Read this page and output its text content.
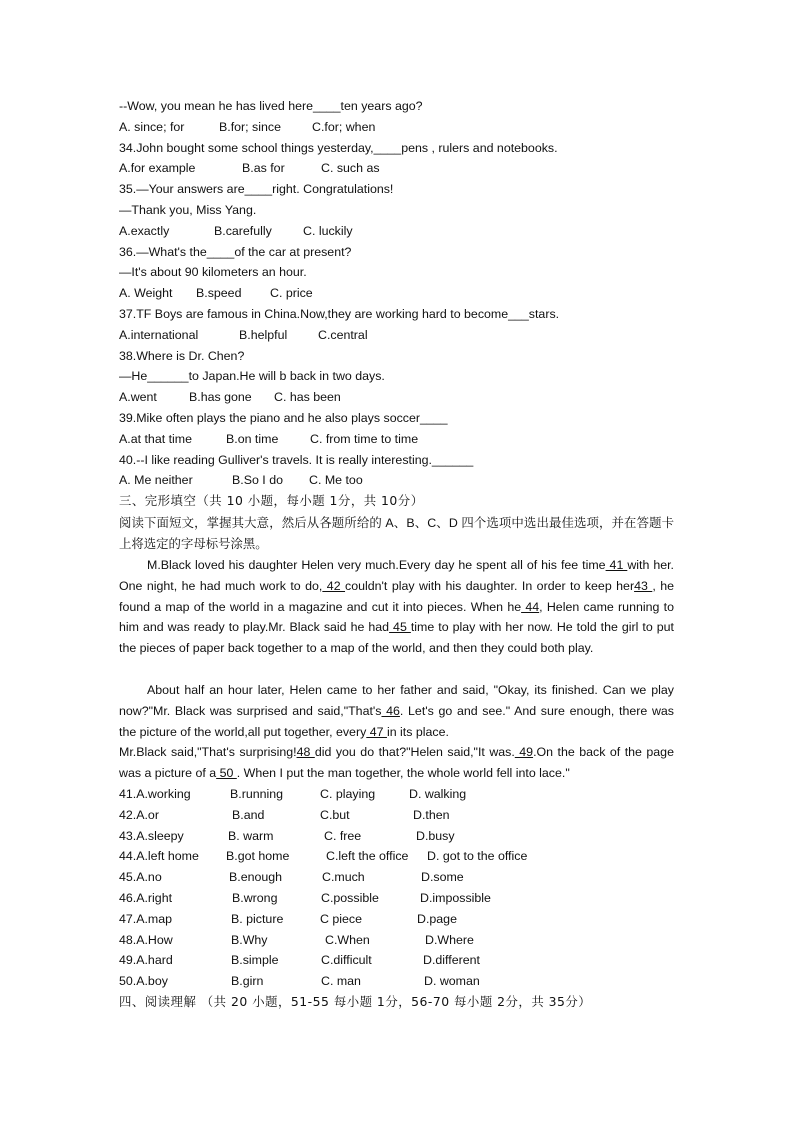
--Wow, you mean he has lived here____ten years ago?
A. since; for	B.for; since	C.for; when
34.John bought some school things yesterday,____pens , rulers and notebooks.
A.for example	B.as for	C. such as
35.—Your answers are____right. Congratulations!
—Thank you, Miss Yang.
A.exactly	B.carefully	C. luckily
36.—What's the____of the car at present?
—It's about 90 kilometers an hour.
A. Weight B.speed C. price
37.TF Boys are famous in China.Now,they are working hard to become___stars.
A.international	B.helpful C.central
38.Where is Dr. Chen?
—He______to Japan.He will b back in two days.
A.went	B.has gone C. has been
39.Mike often plays the piano and he also plays soccer____
A.at that time	B.on time	C. from time to time
40.--I like reading Gulliver's travels. It is really interesting.______
A. Me neither	B.So I do C. Me too
三、完形填空（共 10 小题，每小题 1分，共 10分）
阅读下面短文，掌握其大意，然后从各题所给的 A、B、C、D 四个选项中选出最佳选项，并在答题卡上将选定的字母标号涂黑。
M.Black loved his daughter Helen very much.Every day he spent all of his fee time 41 with her. One night, he had much work to do, 42 couldn't play with his daughter. In order to keep her43 , he found a map of the world in a magazine and cut it into pieces. When he 44, Helen came running to him and was ready to play.Mr. Black said he had 45 time to play with her now. He told the girl to put the pieces of paper back together to a map of the world, and then they could both play.
About half an hour later, Helen came to her father and said, "Okay, its finished. Can we play now?"Mr. Black was surprised and said,"That's 46. Let's go and see." And sure enough, there was the picture of the world,all put together, every 47 in its place.
Mr.Black said,"That's surprising!48 did you do that?"Helen said,"It was. 49.On the back of the page was a picture of a 50 . When I put the man together, the whole world fell into lace."
41.A.working	B.running	C. playing	D. walking
42.A.or	B.and	C.but	D.then
43.A.sleepy	B. warm	C. free	D.busy
44.A.left home B.got home	C.left the office D. got to the office
45.A.no	B.enough	C.much	D.some
46.A.right	B.wrong	C.possible	D.impossible
47.A.map	B. picture	C piece	D.page
48.A.How	B.Why	C.When	D.Where
49.A.hard	B.simple	C.difficult	D.different
50.A.boy	B.girn	C. man	D. woman
四、阅读理解 （共 20 小题，51-55 每小题 1分，56-70 每小题 2分，共 35分）
